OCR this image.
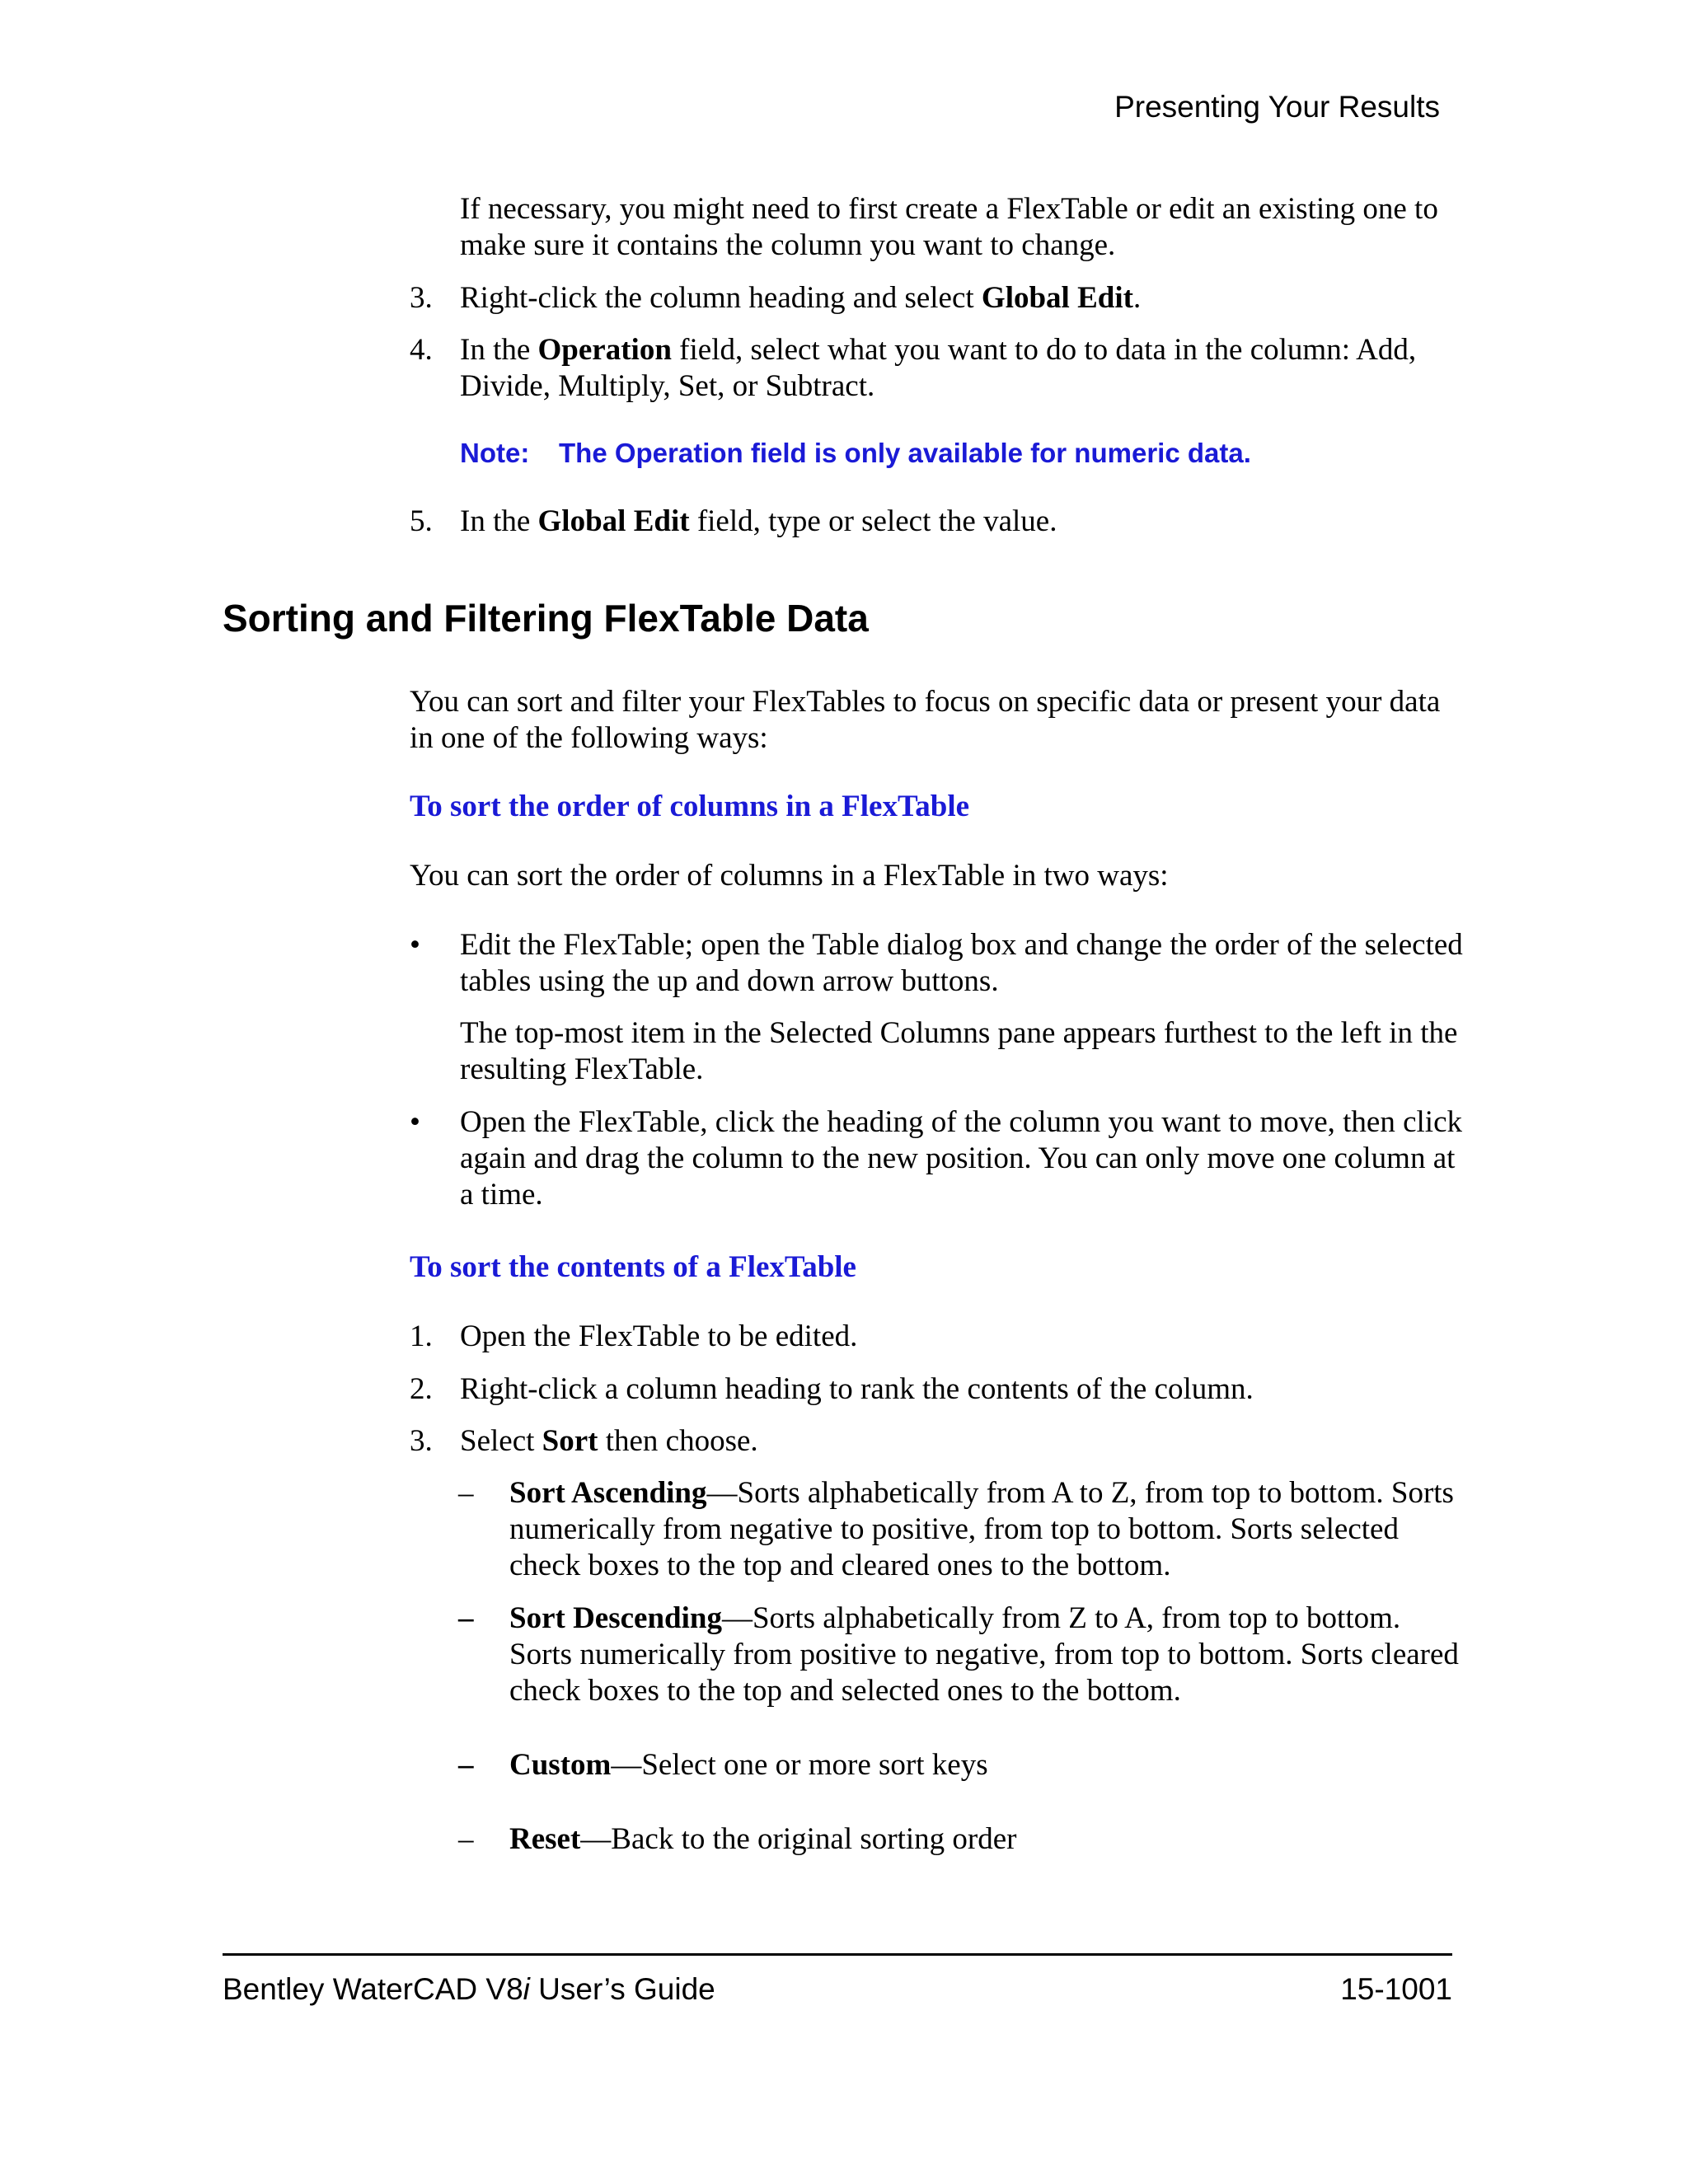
Presenting Your Results
If necessary, you might need to first create a FlexTable or edit an existing one to make sure it contains the column you want to change.
3. Right-click the column heading and select Global Edit.
4. In the Operation field, select what you want to do to data in the column: Add, Divide, Multiply, Set, or Subtract.
Note: The Operation field is only available for numeric data.
5. In the Global Edit field, type or select the value.
Sorting and Filtering FlexTable Data
You can sort and filter your FlexTables to focus on specific data or present your data in one of the following ways:
To sort the order of columns in a FlexTable
You can sort the order of columns in a FlexTable in two ways:
•	Edit the FlexTable; open the Table dialog box and change the order of the selected tables using the up and down arrow buttons.
The top-most item in the Selected Columns pane appears furthest to the left in the resulting FlexTable.
•	Open the FlexTable, click the heading of the column you want to move, then click again and drag the column to the new position. You can only move one column at a time.
To sort the contents of a FlexTable
1. Open the FlexTable to be edited.
2. Right-click a column heading to rank the contents of the column.
3. Select Sort then choose.
–	Sort Ascending—Sorts alphabetically from A to Z, from top to bottom. Sorts numerically from negative to positive, from top to bottom. Sorts selected check boxes to the top and cleared ones to the bottom.
–	Sort Descending—Sorts alphabetically from Z to A, from top to bottom. Sorts numerically from positive to negative, from top to bottom. Sorts cleared check boxes to the top and selected ones to the bottom.
–	Custom—Select one or more sort keys
–	Reset—Back to the original sorting order
Bentley WaterCAD V8i User’s Guide	15-1001
